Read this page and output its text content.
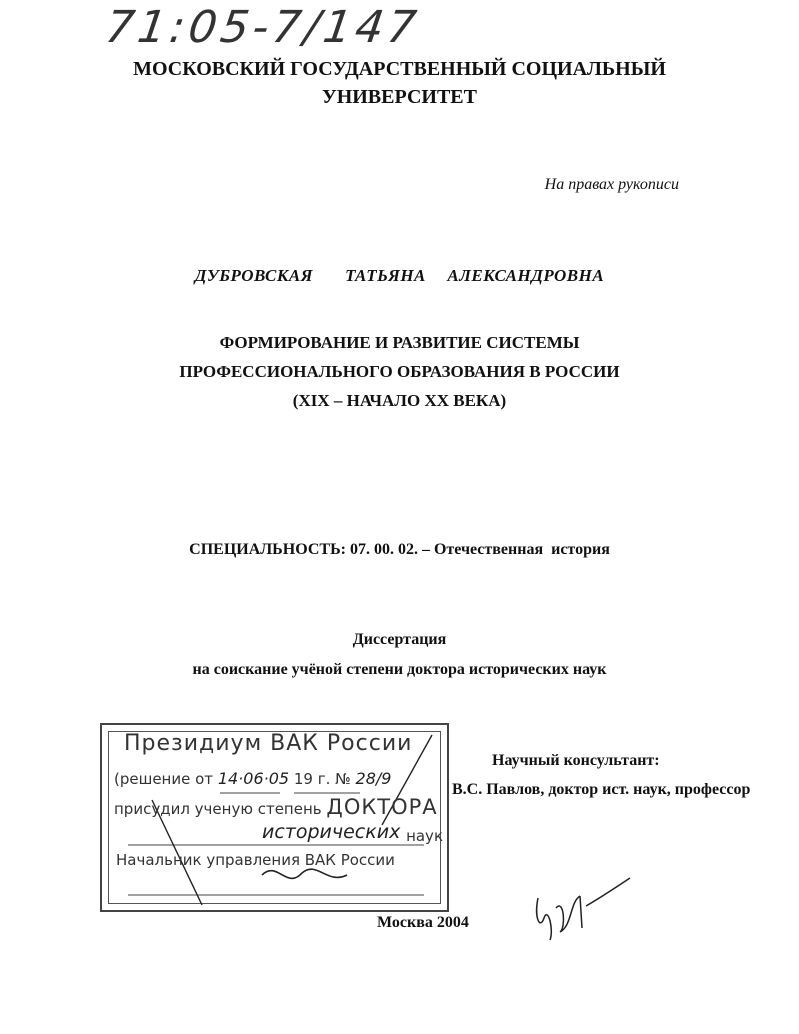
71:05-7/147
МОСКОВСКИЙ ГОСУДАРСТВЕННЫЙ СОЦИАЛЬНЫЙ
УНИВЕРСИТЕТ
На правах рукописи
ДУБРОВСКАЯ   ТАТЬЯНА  АЛЕКСАНДРОВНА
ФОРМИРОВАНИЕ И РАЗВИТИЕ СИСТЕМЫ
ПРОФЕССИОНАЛЬНОГО ОБРАЗОВАНИЯ В РОССИИ
(XIX – НАЧАЛО XX ВЕКА)
СПЕЦИАЛЬНОСТЬ: 07. 00. 02. – Отечественная  история
Диссертация
на соискание учёной степени доктора исторических наук
Научный консультант:
В.С. Павлов, доктор ист. наук, профессор
Москва 2004
Президиум ВАК России
(решение от 14·06·05 19 г. № 28/9
присудил ученую степень ДОКТОРА
исторических наук
Начальник управления ВАК России
